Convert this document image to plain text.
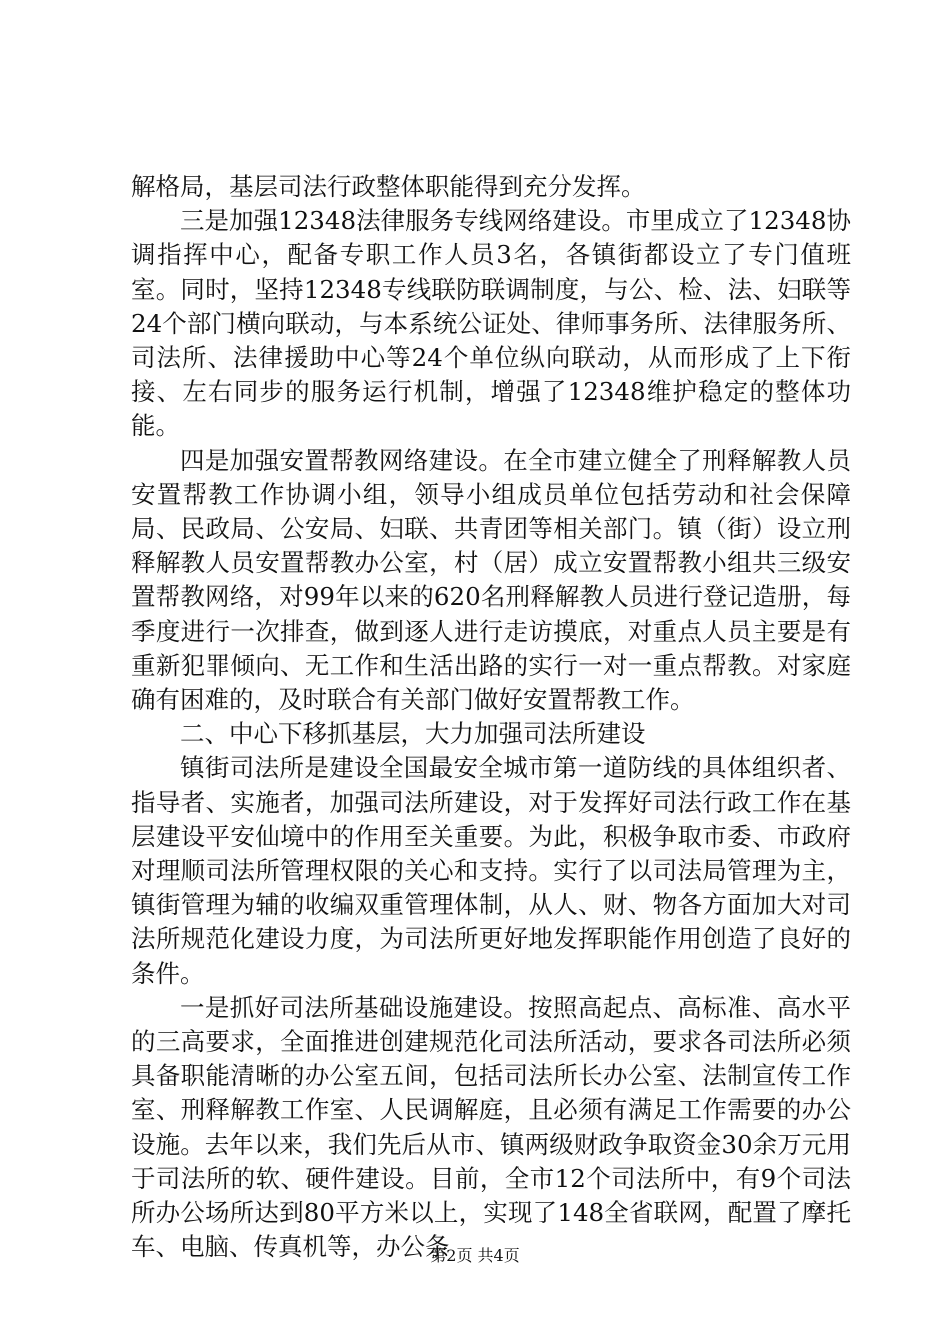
解格局，基层司法行政整体职能得到充分发挥。

三是加强12348法律服务专线网络建设。市里成立了12348协调指挥中心，配备专职工作人员3名，各镇街都设立了专门值班室。同时，坚持12348专线联防联调制度，与公、检、法、妇联等24个部门横向联动，与本系统公证处、律师事务所、法律服务所、司法所、法律援助中心等24个单位纵向联动，从而形成了上下衔接、左右同步的服务运行机制，增强了12348维护稳定的整体功能。

四是加强安置帮教网络建设。在全市建立健全了刑释解教人员安置帮教工作协调小组，领导小组成员单位包括劳动和社会保障局、民政局、公安局、妇联、共青团等相关部门。镇（街）设立刑释解教人员安置帮教办公室，村（居）成立安置帮教小组共三级安置帮教网络，对99年以来的620名刑释解教人员进行登记造册，每季度进行一次排查，做到逐人进行走访摸底，对重点人员主要是有重新犯罪倾向、无工作和生活出路的实行一对一重点帮教。对家庭确有困难的，及时联合有关部门做好安置帮教工作。

二、中心下移抓基层，大力加强司法所建设

镇街司法所是建设全国最安全城市第一道防线的具体组织者、指导者、实施者，加强司法所建设，对于发挥好司法行政工作在基层建设平安仙境中的作用至关重要。为此，积极争取市委、市政府对理顺司法所管理权限的关心和支持。实行了以司法局管理为主，镇街管理为辅的收编双重管理体制，从人、财、物各方面加大对司法所规范化建设力度，为司法所更好地发挥职能作用创造了良好的条件。

一是抓好司法所基础设施建设。按照高起点、高标准、高水平的三高要求，全面推进创建规范化司法所活动，要求各司法所必须具备职能清晰的办公室五间，包括司法所长办公室、法制宣传工作室、刑释解教工作室、人民调解庭，且必须有满足工作需要的办公设施。去年以来，我们先后从市、镇两级财政争取资金30余万元用于司法所的软、硬件建设。目前，全市12个司法所中，有9个司法所办公场所达到80平方米以上，实现了148全省联网，配置了摩托车、电脑、传真机等，办公条

第2页 共4页
